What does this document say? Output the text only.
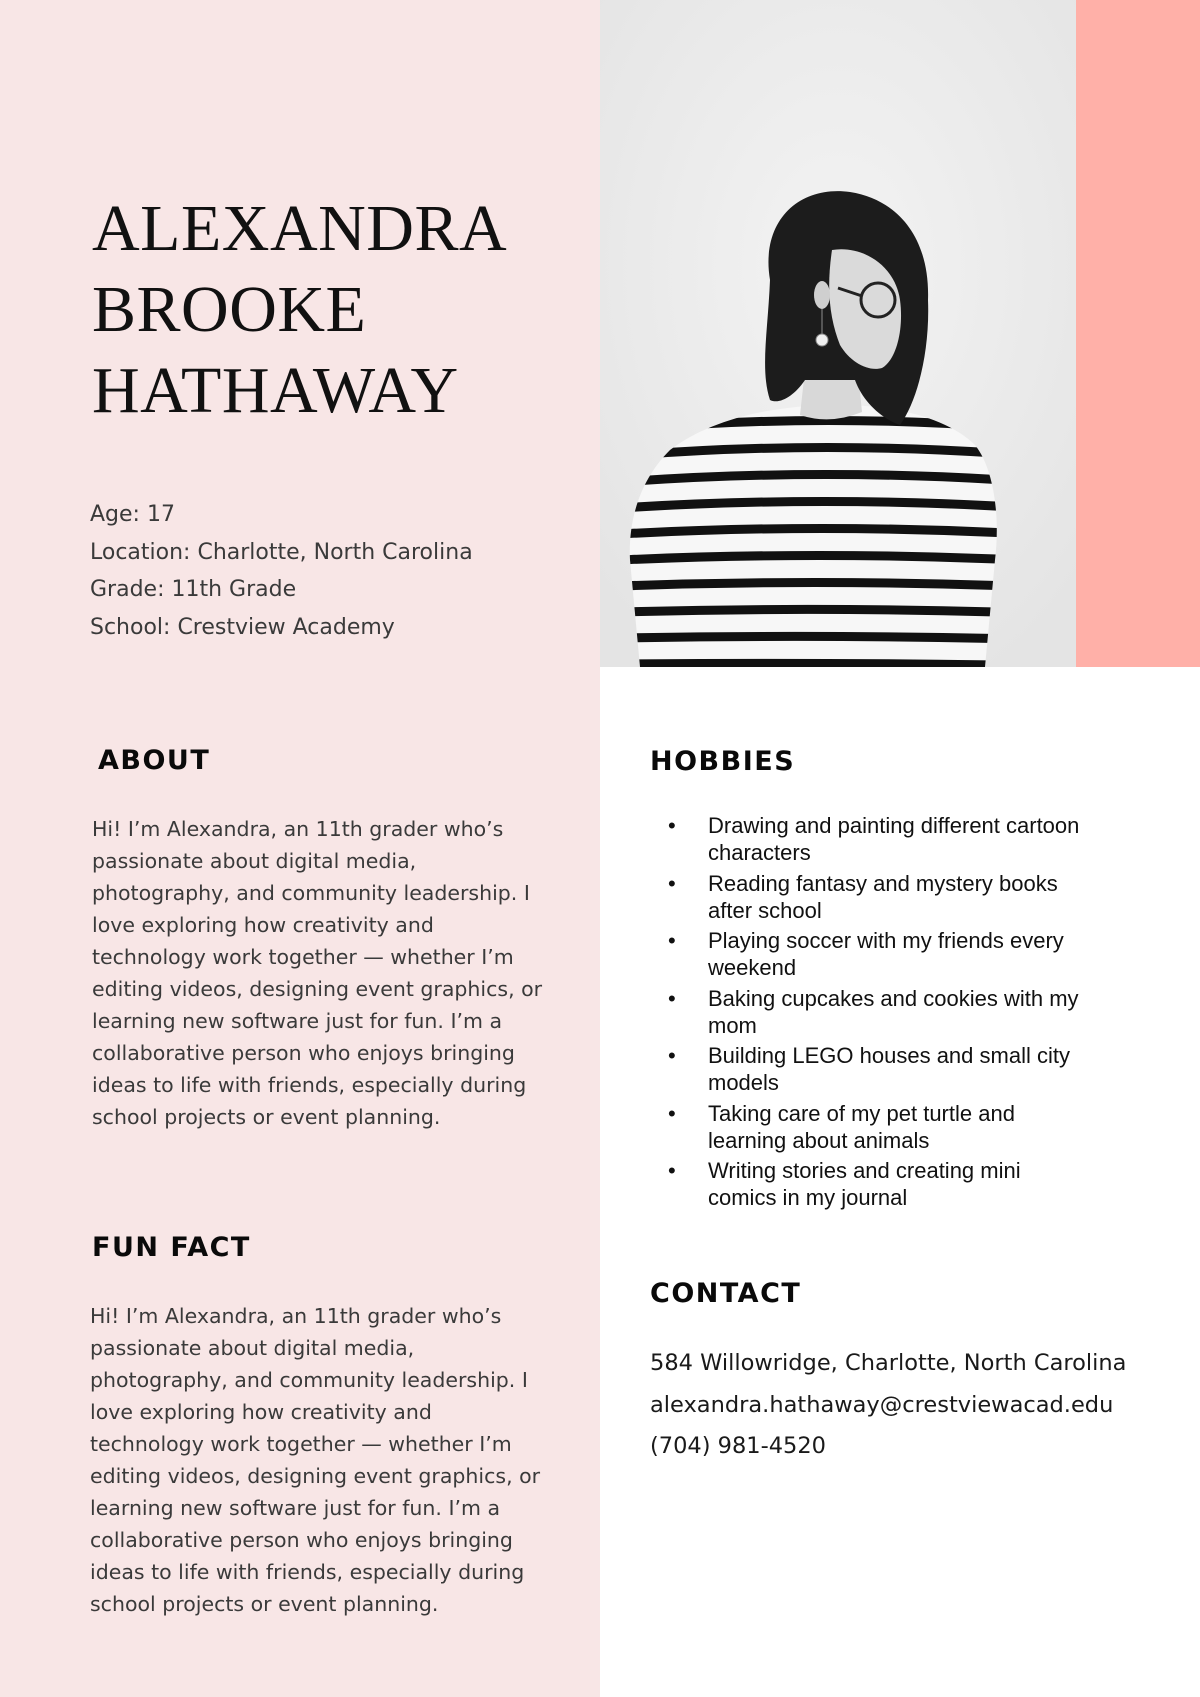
ALEXANDRA
BROOKE
HATHAWAY
Age: 17
Location: Charlotte, North Carolina
Grade: 11th Grade
School: Crestview Academy
ABOUT

Hi! I’m Alexandra, an 11th grader who’s passionate about digital media, photography, and community leadership. I love exploring how creativity and technology work together — whether I’m editing videos, designing event graphics, or learning new software just for fun. I’m a collaborative person who enjoys bringing ideas to life with friends, especially during school projects or event planning.

FUN FACT

Hi! I’m Alexandra, an 11th grader who’s passionate about digital media, photography, and community leadership. I love exploring how creativity and technology work together — whether I’m editing videos, designing event graphics, or learning new software just for fun. I’m a collaborative person who enjoys bringing ideas to life with friends, especially during school projects or event planning.

HOBBIES
• Drawing and painting different cartoon characters
• Reading fantasy and mystery books after school
• Playing soccer with my friends every weekend
• Baking cupcakes and cookies with my mom
• Building LEGO houses and small city models
• Taking care of my pet turtle and learning about animals
• Writing stories and creating mini comics in my journal
CONTACT
584 Willowridge, Charlotte, North Carolina
alexandra.hathaway@crestviewacad.edu
(704) 981-4520
